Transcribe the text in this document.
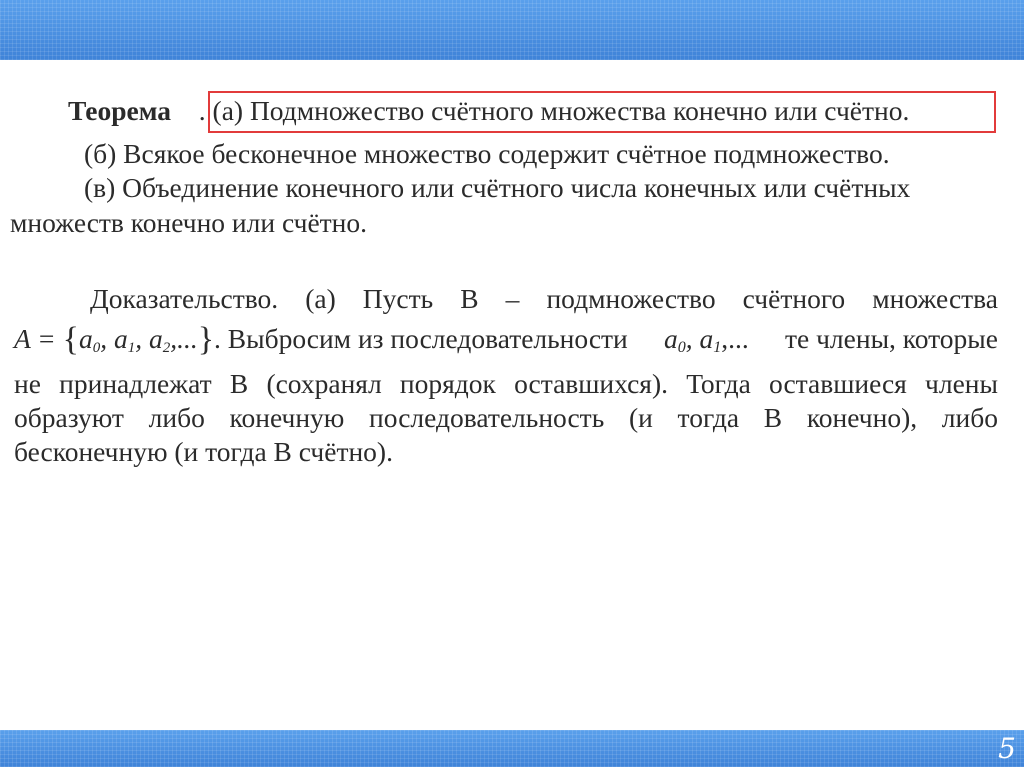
Теорема . (а) Подмножество счётного множества конечно или счётно.
(б) Всякое бесконечное множество содержит счётное подмножество.
(в) Объединение конечного или счётного числа конечных или счётных
множеств конечно или счётно.
Доказательство. (а) Пусть B – подмножество счётного множества
$A = \{a_0$, $a_1$, $a_2$,...}. Выбросим из последовательности $a_0$, $a_1$,... те члены, которые
не принадлежат B (сохранял порядок оставшихся). Тогда оставшиеся члены
образуют либо конечную последовательность (и тогда B конечно), либо
бесконечную (и тогда B счётно).
5
